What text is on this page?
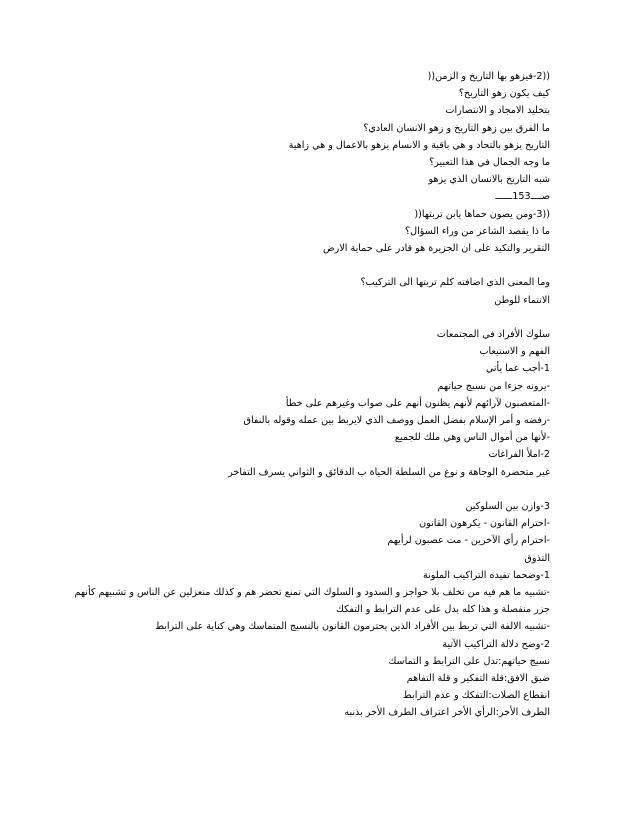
((2-فيزهو بها التاريخ و الزمن((
كيف يكون زهو التاريخ؟
بتخليد الامجاد و الانتصارات
ما الفرق بين زهو التاريخ و زهو الانسان العادي؟
التاريخ يزهو بالتحاد و هي باقية و الانسام يزهو بالاعمال و هي زاهية
ما وجه الجمال في هذا التعبير؟
شبه التاريخ بالانسان الذي يزهو
صــــ153ــــــ
((3-ومن يصون حماها يابن تربتها((
ما ذا يقصد الشاعر من وراء السؤال؟
التقرير والتكيد على ان الجزيرة هو قادر على حماية الارض
وما المعنى الذي اضافته كلم تربتها الى التركيب؟
الانتماء للوطن
سلوك الأفراد في المجتمعات
الفهم و الاستيعاب
1-أجب عما يأتي
-يرونه جزءا من نسيج حياتهم
-المتعصبون لآرائهم لأنهم يظنون أنهم على صواب وغيرهم على خطأ
-رفضه و أمر الإسلام بفضل العمل ووصف الذي لايربط بين عمله وقوله بالنفاق
-لأنها من أموال الناس وهي ملك للجميع
2-املأ الفراغات
غير متحضرة الوجاهة و نوع من السلطة الحياة ب الدقائق و الثواني يسرف التفاخر
3-وازن بين السلوكين
-احترام القانون - يكرهون القانون
-احترام رأي الآخرين - مت عصبون لرأيهم
التذوق
1-وضحما تفيده التراكيب الملونة
-تشبيه ما هم فيه من تخلف بلا حواجز و السدود و السلوك التي تمنع تحضر هم و كذلك منعزلين عن الناس و تشبيهم كأنهم
جزر منفصلة و هذا كله يدل على عدم الترابط و التفكك
-تشبيه الالفة التي تربط بين الأفراد الذين يحترمون القانون بالنسيج المتماسك وهي كناية على الترابط
2-وضح دلالة التراكيب الآتية
نسيج حياتهم:تدل على الترابط و التماسك
ضيق الافق:قلة التفكير و قلة التفاهم
انقطاع الصلات:التفكك و عدم الترابط
الطرف الأخر:الرأي الأخر اعتراف الطرف الأخر بذنبه
